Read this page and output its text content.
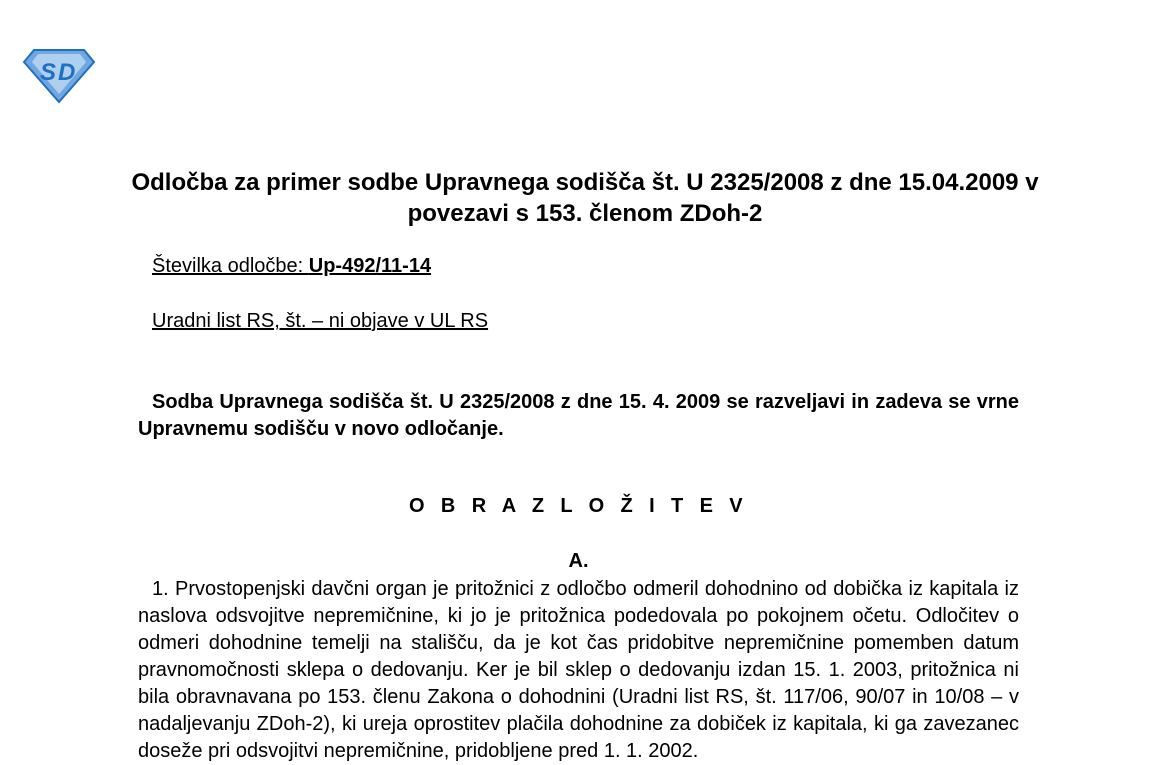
S D
Odločba za primer sodbe Upravnega sodišča št. U 2325/2008 z dne 15.04.2009 v povezavi s 153. členom ZDoh-2
Številka odločbe: Up-492/11-14
Uradni list RS, št. – ni objave v UL RS
Sodba Upravnega sodišča št. U 2325/2008 z dne 15. 4. 2009 se razveljavi in zadeva se vrne Upravnemu sodišču v novo odločanje.
O B R A Z L O Ž I T E V
A.
1. Prvostopenjski davčni organ je pritožnici z odločbo odmeril dohodnino od dobička iz kapitala iz naslova odsvojitve nepremičnine, ki jo je pritožnica podedovala po pokojnem očetu. Odločitev o odmeri dohodnine temelji na stališču, da je kot čas pridobitve nepremičnine pomemben datum pravnomočnosti sklepa o dedovanju. Ker je bil sklep o dedovanju izdan 15. 1. 2003, pritožnica ni bila obravnavana po 153. členu Zakona o dohodnini (Uradni list RS, št. 117/06, 90/07 in 10/08 – v nadaljevanju ZDoh-2), ki ureja oprostitev plačila dohodnine za dobiček iz kapitala, ki ga zavezanec doseže pri odsvojitvi nepremičnine, pridobljene pred 1. 1. 2002.
